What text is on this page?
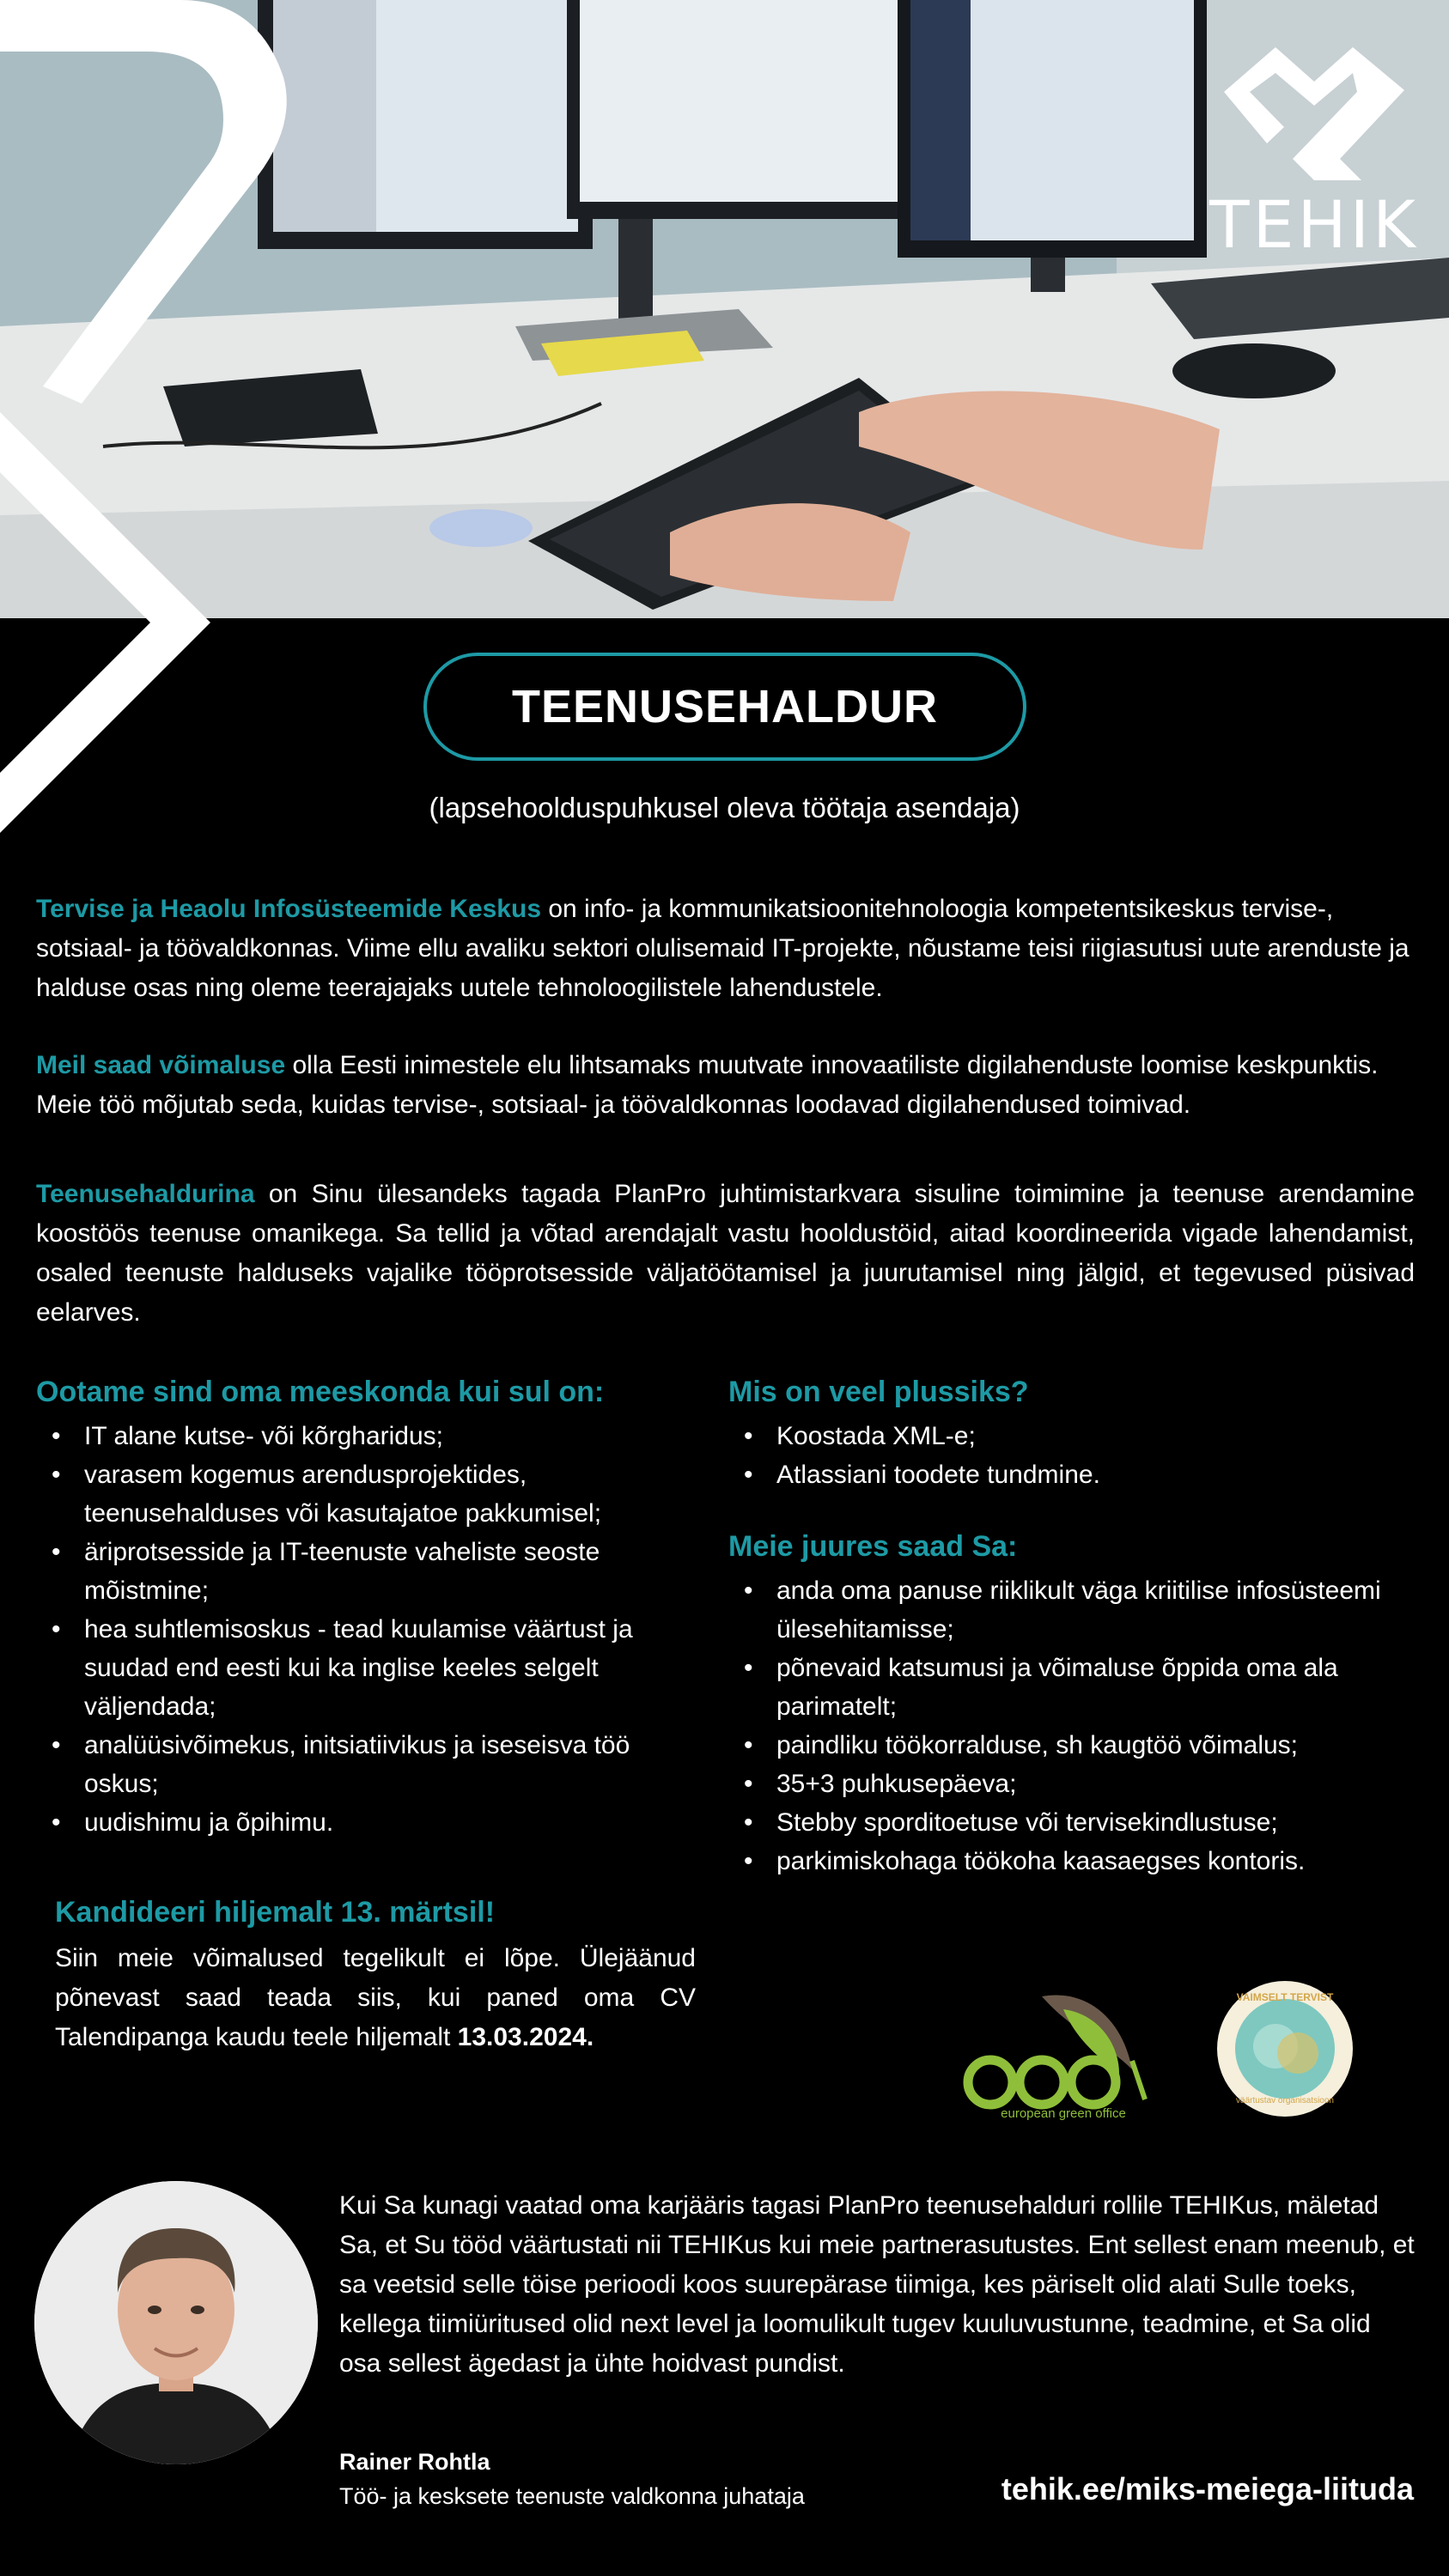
TEHIK
TEENUSEHALDUR
(lapsehoolduspuhkusel oleva töötaja asendaja)
Tervise ja Heaolu Infosüsteemide Keskus on info- ja kommunikatsioonitehnoloogia kompetentsikeskus tervise-, sotsiaal- ja töövaldkonnas. Viime ellu avaliku sektori olulisemaid IT-projekte, nõustame teisi riigiasutusi uute arenduste ja halduse osas ning oleme teerajajaks uutele tehnoloogilistele lahendustele.
Meil saad võimaluse olla Eesti inimestele elu lihtsamaks muutvate innovaatiliste digilahenduste loomise keskpunktis. Meie töö mõjutab seda, kuidas tervise-, sotsiaal- ja töövaldkonnas loodavad digilahendused toimivad.
Teenusehaldurina on Sinu ülesandeks tagada PlanPro juhtimistarkvara sisuline toimimine ja teenuse arendamine koostöös teenuse omanikega. Sa tellid ja võtad arendajalt vastu hooldustöid, aitad koordineerida vigade lahendamist, osaled teenuste halduseks vajalike tööprotsesside väljatöötamisel ja juurutamisel ning jälgid, et tegevused püsivad eelarves.
Ootame sind oma meeskonda kui sul on:
• IT alane kutse- või kõrgharidus;
• varasem kogemus arendusprojektides, teenusehalduses või kasutajatoe pakkumisel;
• äriprotsesside ja IT-teenuste vaheliste seoste mõistmine;
• hea suhtlemisoskus - tead kuulamise väärtust ja suudad end eesti kui ka inglise keeles selgelt väljendada;
• analüüsivõimekus, initsiatiivikus ja iseseisva töö oskus;
• uudishimu ja õpihimu.
Mis on veel plussiks?
• Koostada XML-e;
• Atlassiani toodete tundmine.
Meie juures saad Sa:
• anda oma panuse riiklikult väga kriitilise infosüsteemi ülesehitamisse;
• põnevaid katsumusi ja võimaluse õppida oma ala parimatelt;
• paindliku töökorralduse, sh kaugtöö võimalus;
• 35+3 puhkusepäeva;
• Stebby sporditoetuse või tervisekindlustuse;
• parkimiskohaga töökoha kaasaegses kontoris.
Kandideeri hiljemalt 13. märtsil!
Siin meie võimalused tegelikult ei lõpe. Ülejäänud põnevast saad teada siis, kui paned oma CV Talendipanga kaudu teele hiljemalt 13.03.2024.
european green office
VAIMSELT TERVIST
väärtustav organisatsioon
Kui Sa kunagi vaatad oma karjääris tagasi PlanPro teenusehalduri rollile TEHIKus, mäletad Sa, et Su tööd väärtustati nii TEHIKus kui meie partnerasutustes. Ent sellest enam meenub, et sa veetsid selle töise perioodi koos suurepärase tiimiga, kes päriselt olid alati Sulle toeks, kellega tiimiüritused olid next level ja loomulikult tugev kuuluvustunne, teadmine, et Sa olid osa sellest ägedast ja ühte hoidvast pundist.
Rainer Rohtla
Töö- ja kesksete teenuste valdkonna juhataja	tehik.ee/miks-meiega-liituda
